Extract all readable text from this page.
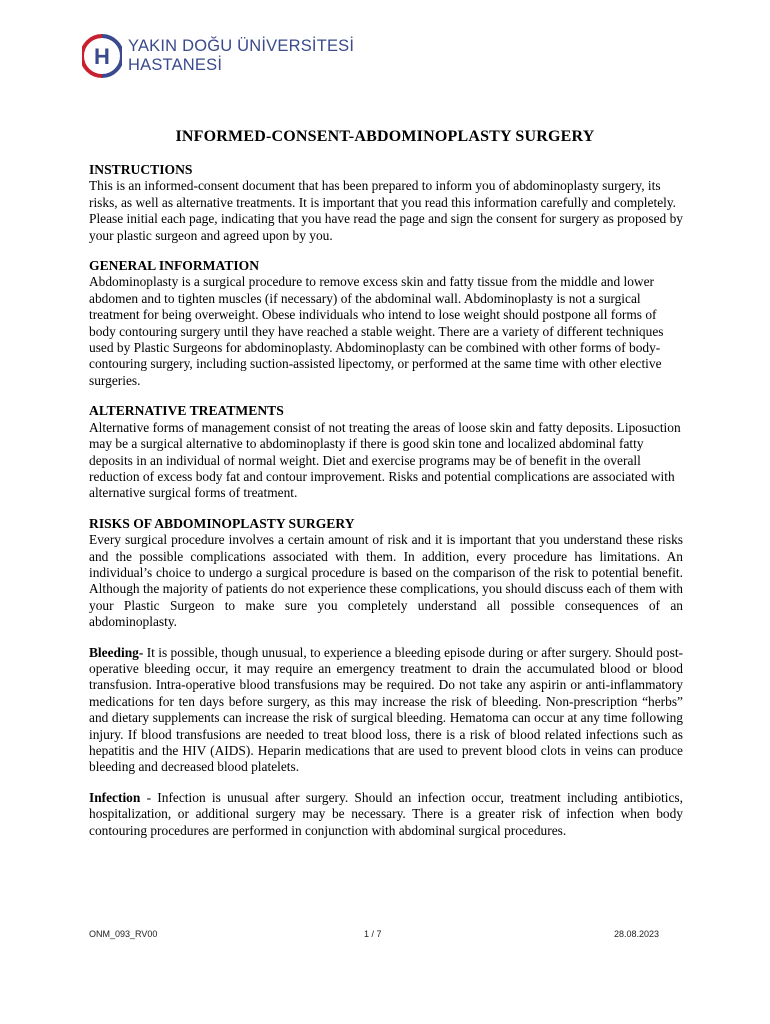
H YAKIN DOĞU ÜNİVERSİTESİ
HASTANESİ
INFORMED-CONSENT-ABDOMINOPLASTY SURGERY
INSTRUCTIONS

This is an informed-consent document that has been prepared to inform you of abdominoplasty surgery, its risks, as well as alternative treatments. It is important that you read this information carefully and completely. Please initial each page, indicating that you have read the page and sign the consent for surgery as proposed by your plastic surgeon and agreed upon by you.

GENERAL INFORMATION

Abdominoplasty is a surgical procedure to remove excess skin and fatty tissue from the middle and lower abdomen and to tighten muscles (if necessary) of the abdominal wall. Abdominoplasty is not a surgical treatment for being overweight. Obese individuals who intend to lose weight should postpone all forms of body contouring surgery until they have reached a stable weight. There are a variety of different techniques used by Plastic Surgeons for abdominoplasty. Abdominoplasty can be combined with other forms of body-contouring surgery, including suction-assisted lipectomy, or performed at the same time with other elective surgeries.

ALTERNATIVE TREATMENTS

Alternative forms of management consist of not treating the areas of loose skin and fatty deposits. Liposuction may be a surgical alternative to abdominoplasty if there is good skin tone and localized abdominal fatty deposits in an individual of normal weight. Diet and exercise programs may be of benefit in the overall reduction of excess body fat and contour improvement. Risks and potential complications are associated with alternative surgical forms of treatment.

RISKS OF ABDOMINOPLASTY SURGERY

Every surgical procedure involves a certain amount of risk and it is important that you understand these risks and the possible complications associated with them. In addition, every procedure has limitations. An individual’s choice to undergo a surgical procedure is based on the comparison of the risk to potential benefit. Although the majority of patients do not experience these complications, you should discuss each of them with your Plastic Surgeon to make sure you completely understand all possible consequences of an abdominoplasty.

Bleeding- It is possible, though unusual, to experience a bleeding episode during or after surgery. Should post-operative bleeding occur, it may require an emergency treatment to drain the accumulated blood or blood transfusion. Intra-operative blood transfusions may be required. Do not take any aspirin or anti-inflammatory medications for ten days before surgery, as this may increase the risk of bleeding. Non-prescription “herbs” and dietary supplements can increase the risk of surgical bleeding. Hematoma can occur at any time following injury. If blood transfusions are needed to treat blood loss, there is a risk of blood related infections such as hepatitis and the HIV (AIDS). Heparin medications that are used to prevent blood clots in veins can produce bleeding and decreased blood platelets.

Infection - Infection is unusual after surgery. Should an infection occur, treatment including antibiotics, hospitalization, or additional surgery may be necessary. There is a greater risk of infection when body contouring procedures are performed in conjunction with abdominal surgical procedures.

ONM_093_RV00	1 / 7	28.08.2023
